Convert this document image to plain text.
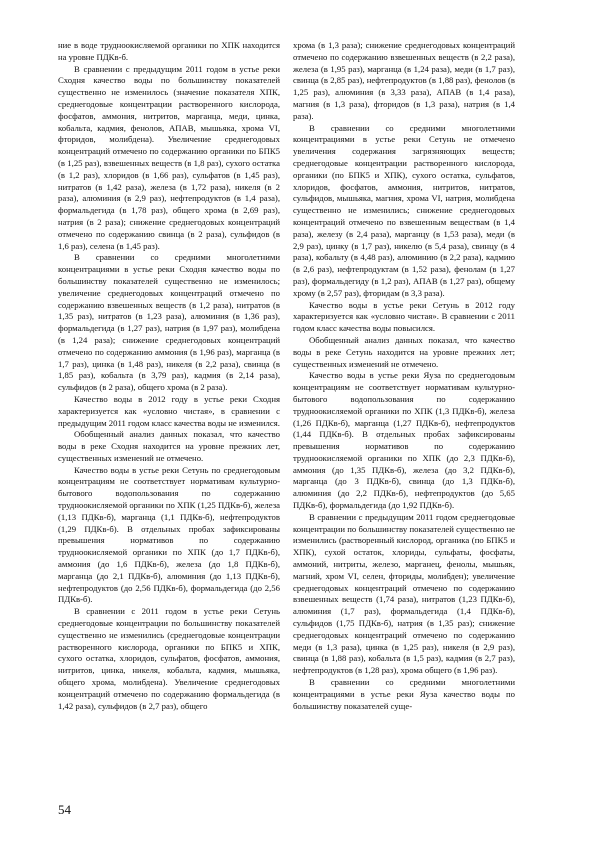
ние в воде трудноокисляемой органики по ХПК находится на уровне ПДКв-б.

В сравнении с предыдущим 2011 годом в устье реки Сходня качество воды по большинству показателей существенно не изменилось (значение показателя ХПК, среднегодовые концентрации растворенного кислорода, фосфатов, аммония, нитритов, марганца, меди, цинка, кобальта, кадмия, фенолов, АПАВ, мышьяка, хрома VI, фторидов, молибдена). Увеличение среднегодовых концентраций отмечено по содержанию органики по БПК5 (в 1,25 раз), взвешенных веществ (в 1,8 раз), сухого остатка (в 1,2 раз), хлоридов (в 1,66 раз), сульфатов (в 1,45 раз), нитратов (в 1,42 раза), железа (в 1,72 раза), никеля (в 2 раза), алюминия (в 2,9 раз), нефтепродуктов (в 1,4 раза), формальдегида (в 1,78 раз), общего хрома (в 2,69 раз), натрия (в 2 раза); снижение среднегодовых концентраций отмечено по содержанию свинца (в 2 раза), сульфидов (в 1,6 раз), селена (в 1,45 раз).

В сравнении со средними многолетними концентрациями в устье реки Сходня качество воды по большинству показателей существенно не изменилось; увеличение среднегодовых концентраций отмечено по содержанию взвешенных веществ (в 1,2 раза), нитратов (в 1,35 раз), нитратов (в 1,23 раза), алюминия (в 1,36 раз), формальдегида (в 1,27 раз), натрия (в 1,97 раз), молибдена (в 1,24 раза); снижение среднегодовых концентраций отмечено по содержанию аммония (в 1,96 раз), марганца (в 1,7 раз), цинка (в 1,48 раз), никеля (в 2,2 раза), свинца (в 1,85 раз), кобальта (в 3,79 раз), кадмия (в 2,14 раза), сульфидов (в 2 раза), общего хрома (в 2 раза).

Качество воды в 2012 году в устье реки Сходня характеризуется как «условно чистая», в сравнении с предыдущим 2011 годом класс качества воды не изменился.

Обобщенный анализ данных показал, что качество воды в реке Сходня находится на уровне прежних лет, существенных изменений не отмечено.

Качество воды в устье реки Сетунь по среднегодовым концентрациям не соответствует нормативам культурно-бытового водопользования по содержанию трудноокисляемой органики по ХПК (1,25 ПДКв-б), железа (1,13 ПДКв-б), марганца (1,1 ПДКв-б), нефтепродуктов (1,29 ПДКв-б). В отдельных пробах зафиксированы превышения нормативов по содержанию трудноокисляемой органики по ХПК (до 1,7 ПДКв-б), аммония (до 1,6 ПДКв-б), железа (до 1,8 ПДКв-б), марганца (до 2,1 ПДКв-б), алюминия (до 1,13 ПДКв-б), нефтепродуктов (до 2,56 ПДКв-б), формальдегида (до 2,56 ПДКв-б).

В сравнении с 2011 годом в устье реки Сетунь среднегодовые концентрации по большинству показателей существенно не изменились (среднегодовые концентрации растворенного кислорода, органики по БПК5 и ХПК, сухого остатка, хлоридов, сульфатов, фосфатов, аммония, нитритов, цинка, никеля, кобальта, кадмия, мышьяка, общего хрома, молибдена). Увеличение среднегодовых концентраций отмечено по содержанию формальдегида (в 1,42 раза), сульфидов (в 2,7 раз), общего

хрома (в 1,3 раза); снижение среднегодовых концентраций отмечено по содержанию взвешенных веществ (в 2,2 раза), железа (в 1,95 раз), марганца (в 1,24 раза), меди (в 1,7 раз), свинца (в 2,85 раз), нефтепродуктов (в 1,88 раз), фенолов (в 1,25 раз), алюминия (в 3,33 раза), АПАВ (в 1,4 раза), магния (в 1,3 раза), фторидов (в 1,3 раза), натрия (в 1,4 раза).

В сравнении со средними многолетними концентрациями в устье реки Сетунь не отмечено увеличения содержания загрязняющих веществ; среднегодовые концентрации растворенного кислорода, органики (по БПК5 и ХПК), сухого остатка, сульфатов, хлоридов, фосфатов, аммония, нитритов, нитратов, сульфидов, мышьяка, магния, хрома VI, натрия, молибдена существенно не изменились; снижение среднегодовых концентраций отмечено по взвешенным веществам (в 1,4 раза), железу (в 2,4 раза), марганцу (в 1,53 раза), меди (в 2,9 раз), цинку (в 1,7 раз), никелю (в 5,4 раза), свинцу (в 4 раза), кобальту (в 4,48 раз), алюминию (в 2,2 раза), кадмию (в 2,6 раз), нефтепродуктам (в 1,52 раза), фенолам (в 1,27 раз), формальдегиду (в 1,2 раз), АПАВ (в 1,27 раз), общему хрому (в 2,57 раз), фторидам (в 3,3 раза).

Качество воды в устье реки Сетунь в 2012 году характеризуется как «условно чистая». В сравнении с 2011 годом класс качества воды повысился.

Обобщенный анализ данных показал, что качество воды в реке Сетунь находится на уровне прежних лет; существенных изменений не отмечено.

Качество воды в устье реки Яуза по среднегодовым концентрациям не соответствует нормативам культурно-бытового водопользования по содержанию трудноокисляемой органики по ХПК (1,3 ПДКв-б), железа (1,26 ПДКв-б), марганца (1,27 ПДКв-б), нефтепродуктов (1,44 ПДКв-б). В отдельных пробах зафиксированы превышения нормативов по содержанию трудноокисляемой органики по ХПК (до 2,3 ПДКв-б), аммония (до 1,35 ПДКв-б), железа (до 3,2 ПДКв-б), марганца (до 3 ПДКв-б), свинца (до 1,3 ПДКв-б), алюминия (до 2,2 ПДКв-б), нефтепродуктов (до 5,65 ПДКв-б), формальдегида (до 1,92 ПДКв-б).

В сравнении с предыдущим 2011 годом среднегодовые концентрации по большинству показателей существенно не изменились (растворенный кислород, органика (по БПК5 и ХПК), сухой остаток, хлориды, сульфаты, фосфаты, аммоний, нитриты, железо, марганец, фенолы, мышьяк, магний, хром VI, селен, фториды, молибден); увеличение среднегодовых концентраций отмечено по содержанию взвешенных веществ (1,74 раза), нитратов (1,23 ПДКв-б), алюминия (1,7 раз), формальдегида (1,4 ПДКв-б), сульфидов (1,75 ПДКв-б), натрия (в 1,35 раз); снижение среднегодовых концентраций отмечено по содержанию меди (в 1,3 раза), цинка (в 1,25 раз), никеля (в 2,9 раз), свинца (в 1,88 раз), кобальта (в 1,5 раз), кадмия (в 2,7 раз), нефтепродуктов (в 1,28 раз), хрома общего (в 1,96 раз).

В сравнении со средними многолетними концентрациями в устье реки Яуза качество воды по большинству показателей суще-

54
